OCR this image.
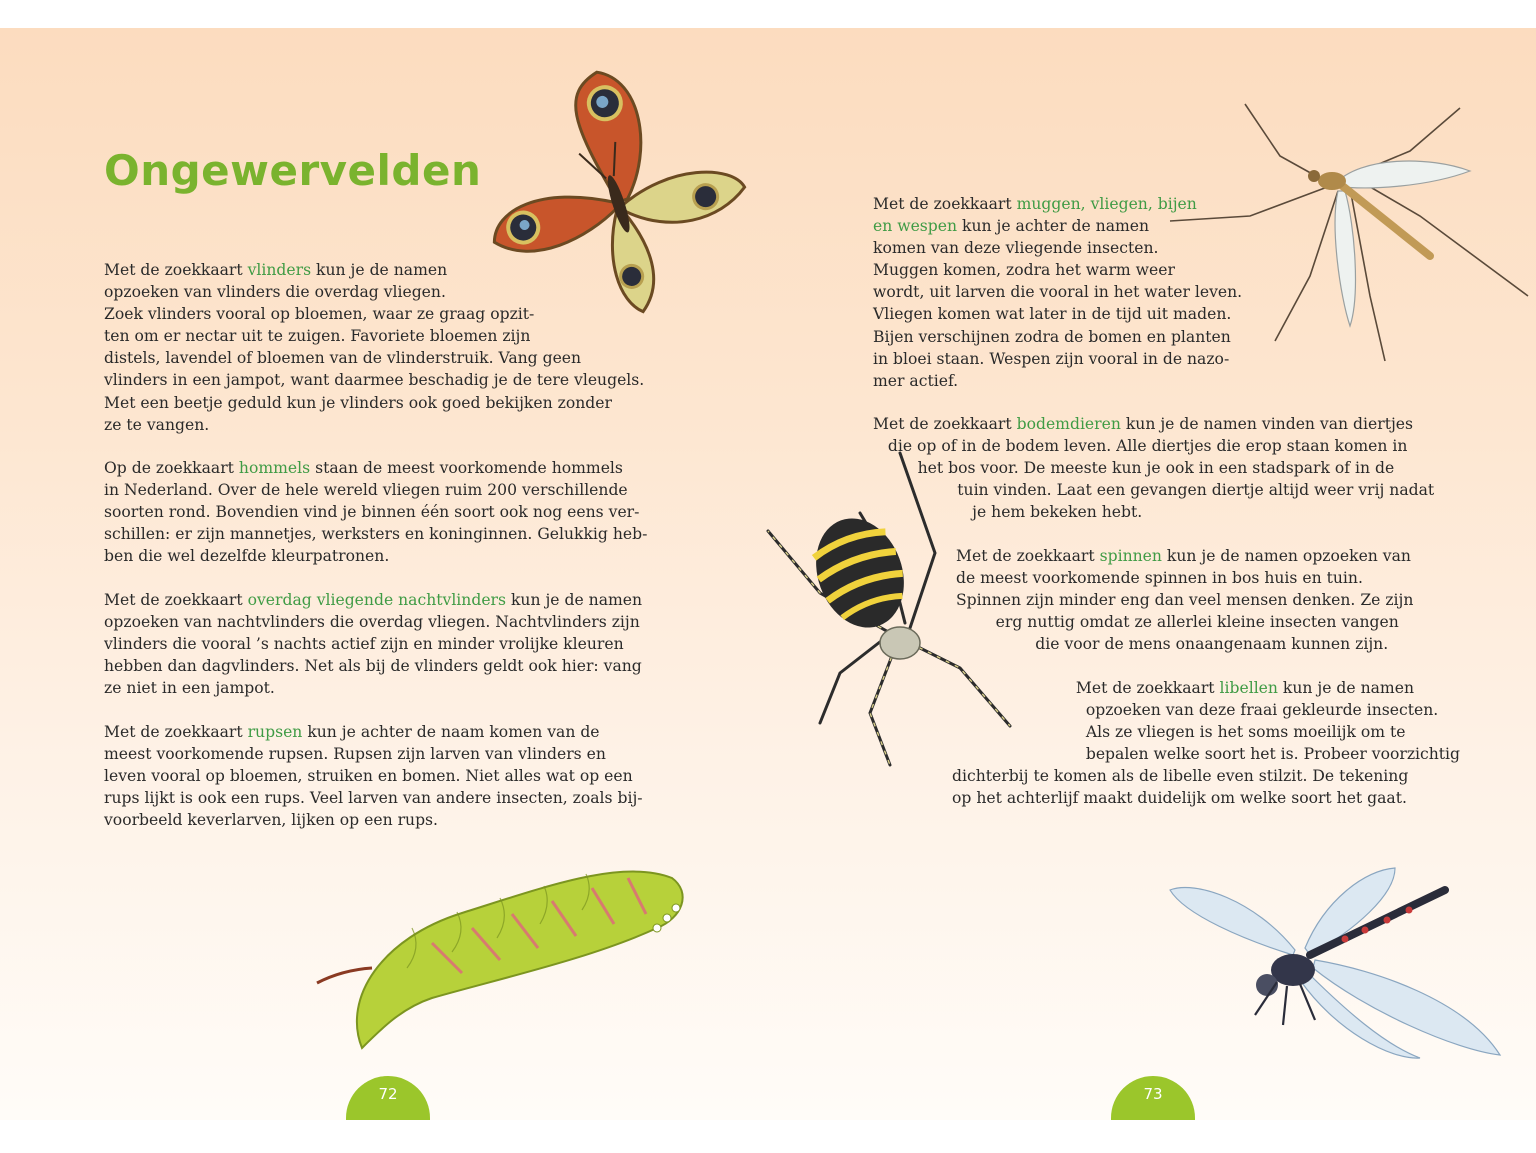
Ongewervelden

Met de zoekkaart vlinders kun je de namen
opzoeken van vlinders die overdag vliegen.
Zoek vlinders vooral op bloemen, waar ze graag opzit-
ten om er nectar uit te zuigen. Favoriete bloemen zijn
distels, lavendel of bloemen van de vlinderstruik. Vang geen
vlinders in een jampot, want daarmee beschadig je de tere vleugels.
Met een beetje geduld kun je vlinders ook goed bekijken zonder
ze te vangen.

Op de zoekkaart hommels staan de meest voorkomende hommels
in Nederland. Over de hele wereld vliegen ruim 200 verschillende
soorten rond. Bovendien vind je binnen één soort ook nog eens ver-
schillen: er zijn mannetjes, werksters en koninginnen. Gelukkig heb-
ben die wel dezelfde kleurpatronen.

Met de zoekkaart overdag vliegende nachtvlinders kun je de namen
opzoeken van nachtvlinders die overdag vliegen. Nachtvlinders zijn
vlinders die vooral ’s nachts actief zijn en minder vrolijke kleuren
hebben dan dagvlinders. Net als bij de vlinders geldt ook hier: vang
ze niet in een jampot.

Met de zoekkaart rupsen kun je achter de naam komen van de
meest voorkomende rupsen. Rupsen zijn larven van vlinders en
leven vooral op bloemen, struiken en bomen. Niet alles wat op een
rups lijkt is ook een rups. Veel larven van andere insecten, zoals bij-
voorbeeld keverlarven, lijken op een rups.

Met de zoekkaart muggen, vliegen, bijen
en wespen kun je achter de namen
komen van deze vliegende insecten.
Muggen komen, zodra het warm weer
wordt, uit larven die vooral in het water leven.
Vliegen komen wat later in de tijd uit maden.
Bijen verschijnen zodra de bomen en planten
in bloei staan. Wespen zijn vooral in de nazo-
mer actief.

Met de zoekkaart bodemdieren kun je de namen vinden van diertjes
die op of in de bodem leven. Alle diertjes die erop staan komen in
het bos voor. De meeste kun je ook in een stadspark of in de
tuin vinden. Laat een gevangen diertje altijd weer vrij nadat
je hem bekeken hebt.

Met de zoekkaart spinnen kun je de namen opzoeken van
de meest voorkomende spinnen in bos huis en tuin.
Spinnen zijn minder eng dan veel mensen denken. Ze zijn
erg nuttig omdat ze allerlei kleine insecten vangen
die voor de mens onaangenaam kunnen zijn.

Met de zoekkaart libellen kun je de namen
opzoeken van deze fraai gekleurde insecten.
Als ze vliegen is het soms moeilijk om te
bepalen welke soort het is. Probeer voorzichtig
dichterbij te komen als de libelle even stilzit. De tekening
op het achterlijf maakt duidelijk om welke soort het gaat.

72	73
